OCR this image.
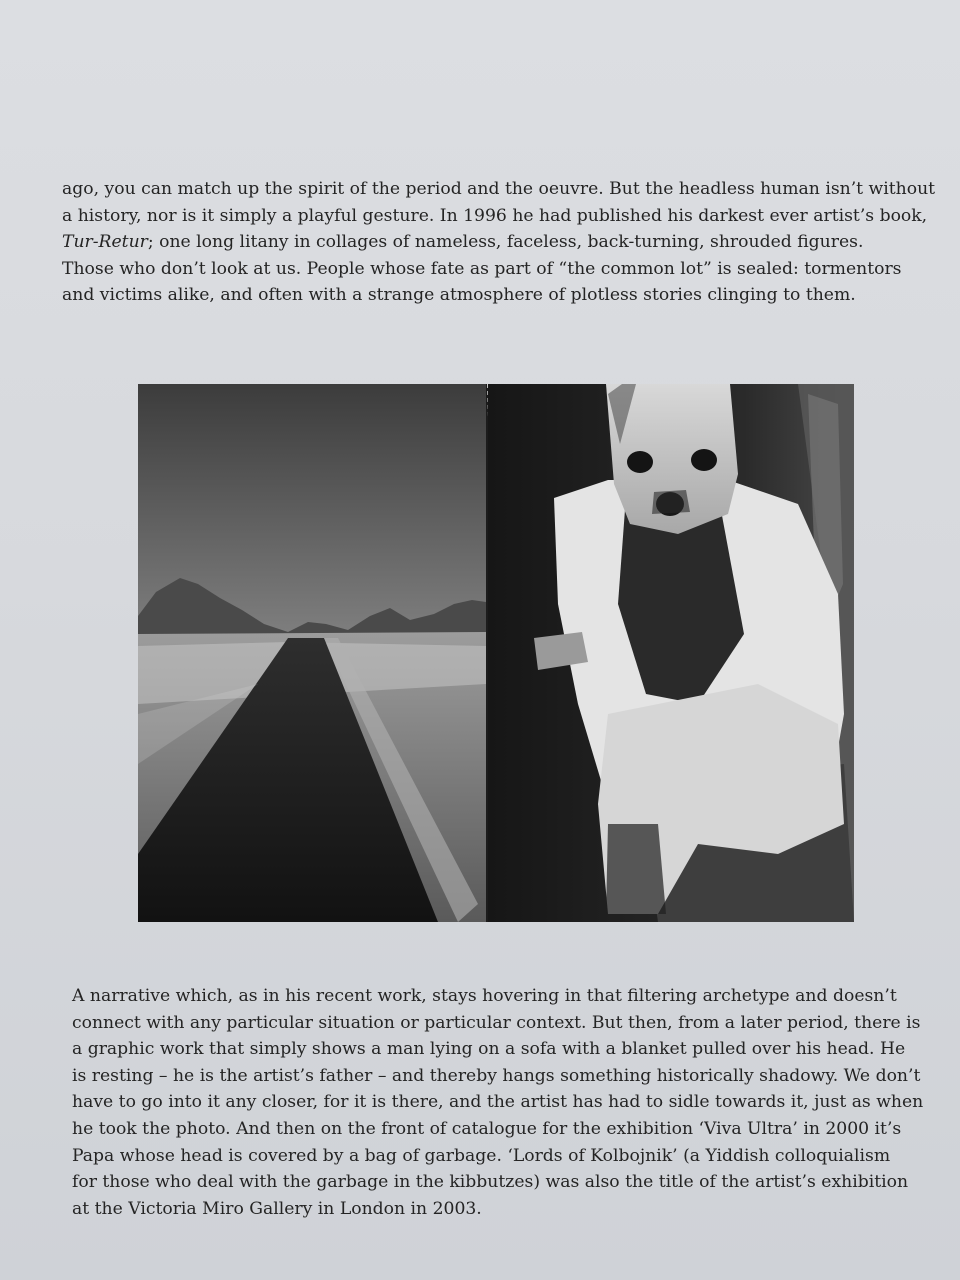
ago, you can match up the spirit of the period and the oeuvre. But the headless human isn’t without
a history, nor is it simply a playful gesture. In 1996 he had published his darkest ever artist’s book,
Tur-Retur; one long litany in collages of nameless, faceless, back-turning, shrouded figures.
Those who don’t look at us. People whose fate as part of “the common lot” is sealed: tormentors
and victims alike, and often with a strange atmosphere of plotless stories clinging to them.

A narrative which, as in his recent work, stays hovering in that filtering archetype and doesn’t
connect with any particular situation or particular context. But then, from a later period, there is
a graphic work that simply shows a man lying on a sofa with a blanket pulled over his head. He
is resting – he is the artist’s father – and thereby hangs something historically shadowy. We don’t
have to go into it any closer, for it is there, and the artist has had to sidle towards it, just as when
he took the photo. And then on the front of catalogue for the exhibition ‘Viva Ultra’ in 2000 it’s
Papa whose head is covered by a bag of garbage. ‘Lords of Kolbojnik’ (a Yiddish colloquialism
for those who deal with the garbage in the kibbutzes) was also the title of the artist’s exhibition
at the Victoria Miro Gallery in London in 2003.
